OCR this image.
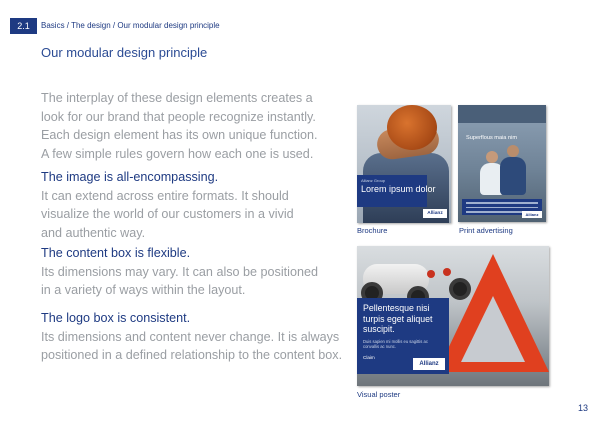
2.1	Basics / The design / Our modular design principle
Our modular design principle
The interplay of these design elements creates a
look for our brand that people recognize instantly.
Each design element has its own unique function.
A few simple rules govern how each one is used.
The image is all-encompassing.
It can extend across entire formats. It should
visualize the world of our customers in a vivid
and authentic way.
The content box is flexible.
Its dimensions may vary. It can also be positioned
in a variety of ways within the layout.
The logo box is consistent.
Its dimensions and content never change. It is always
positioned in a defined relationship to the content box.
Allianz Group
Lorem ipsum dolor
Allianz
Brochure
Superflous maia nim
Allianz
Print advertising
Pellentesque nisi turpis eget aliquet suscipit.
Duis sapien mi mollis eu sagittis ac convallis ac nunc.
Claim
Allianz
Visual poster
13
